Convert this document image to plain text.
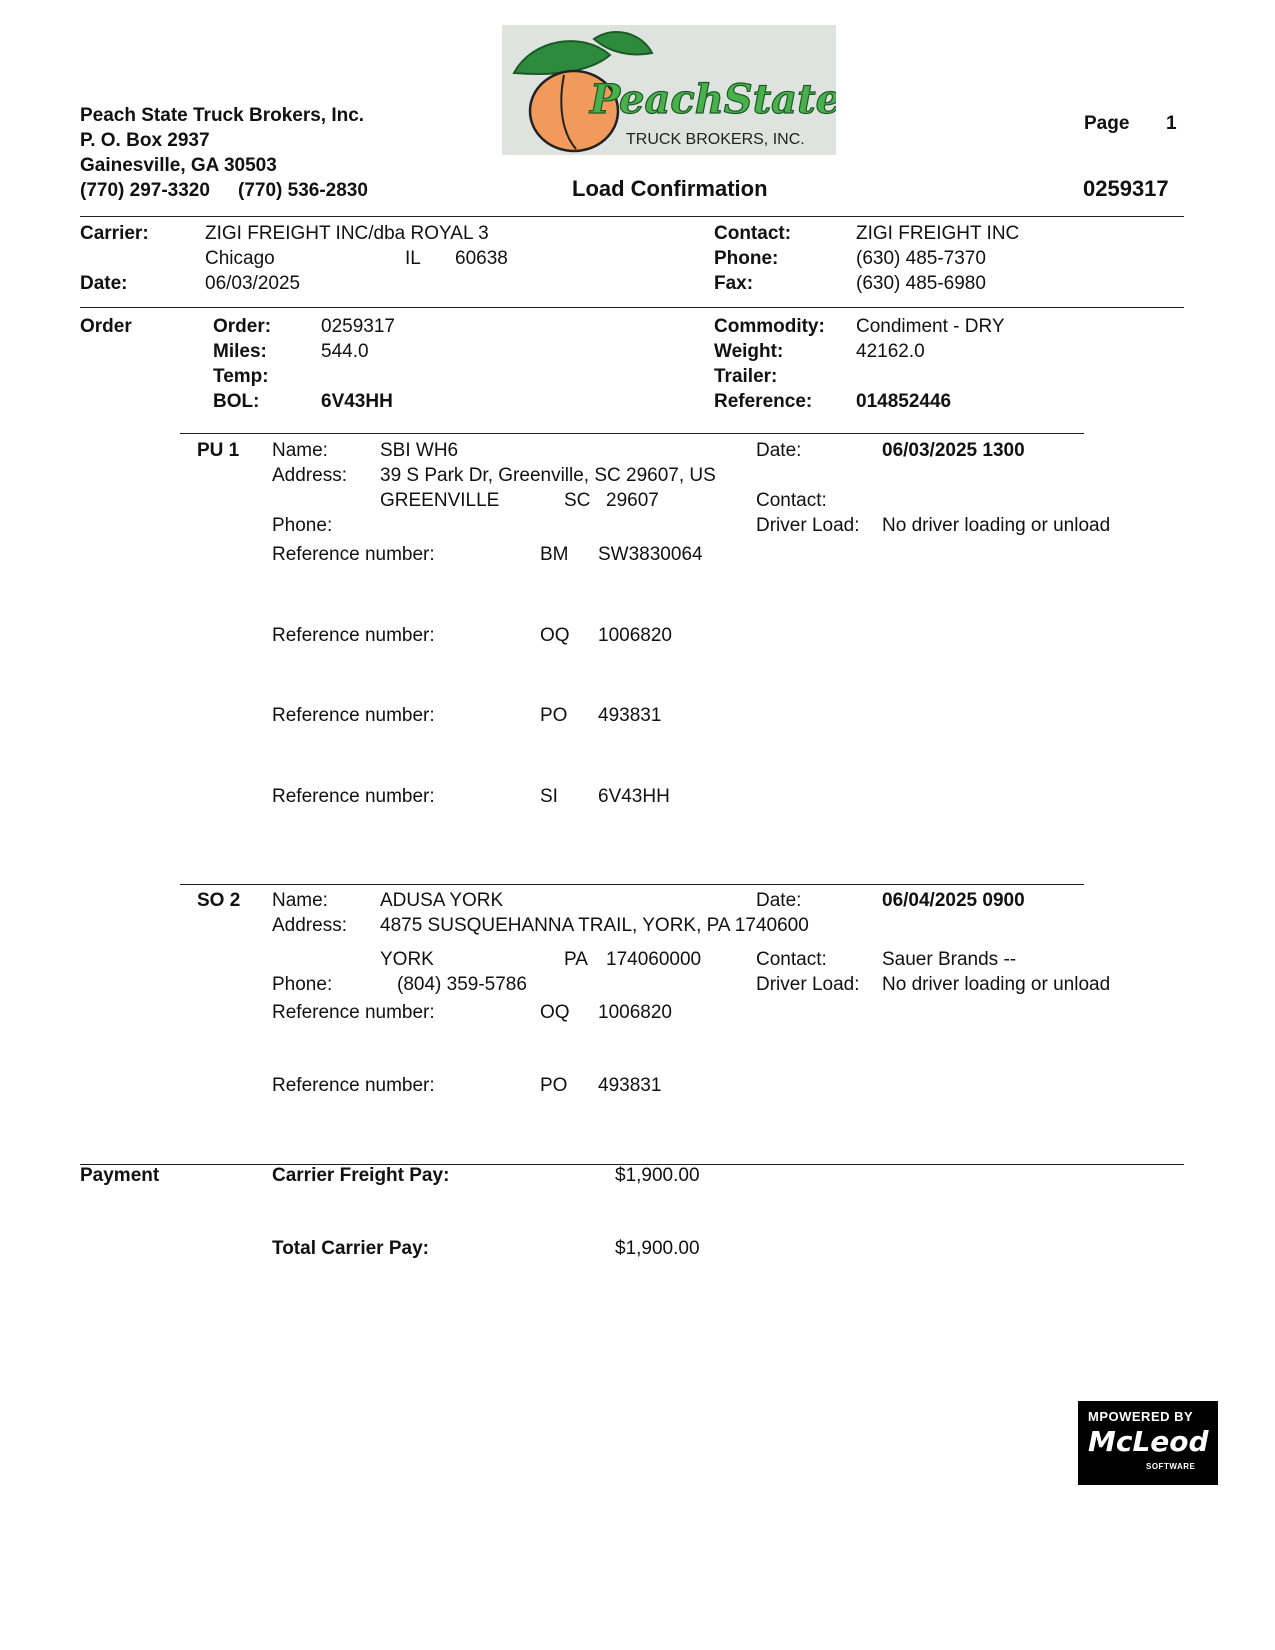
Peach State Truck Brokers, Inc.
P. O. Box 2937
Gainesville, GA 30503
(770) 297-3320 (770) 536-2830
PeachState
TRUCK BROKERS, INC.
Page 1
Load Confirmation	0259317
Carrier:	ZIGI FREIGHT INC/dba ROYAL 3
Chicago	IL 60638
Date:	06/03/2025
Contact:	ZIGI FREIGHT INC
Phone:	(630) 485-7370
Fax:	(630) 485-6980
Order	Order:	0259317
Miles:	544.0
Temp:
BOL:	6V43HH
Commodity: Condiment - DRY
Weight:	42162.0
Trailer:
Reference: 014852446
PU 1 Name:	SBI WH6
Address: 39 S Park Dr, Greenville, SC 29607, US
GREENVILLE	SC 29607
Phone:
Date:	06/03/2025 1300
Contact:
Driver Load: No driver loading or unload
Reference number:	BM SW3830064
Reference number:	OQ 1006820
Reference number:	PO 493831
Reference number:	SI 6V43HH
SO 2 Name:	ADUSA YORK
Address: 4875 SUSQUEHANNA TRAIL, YORK, PA 1740600
YORK	PA 174060000
Phone:	(804) 359-5786
Date:	06/04/2025 0900
Contact:	Sauer Brands --
Driver Load: No driver loading or unload
Reference number:	OQ 1006820
Reference number:	PO 493831
Payment	Carrier Freight Pay:	$1,900.00
Total Carrier Pay:	$1,900.00
MPOWERED BY
McLeod
SOFTWARE
